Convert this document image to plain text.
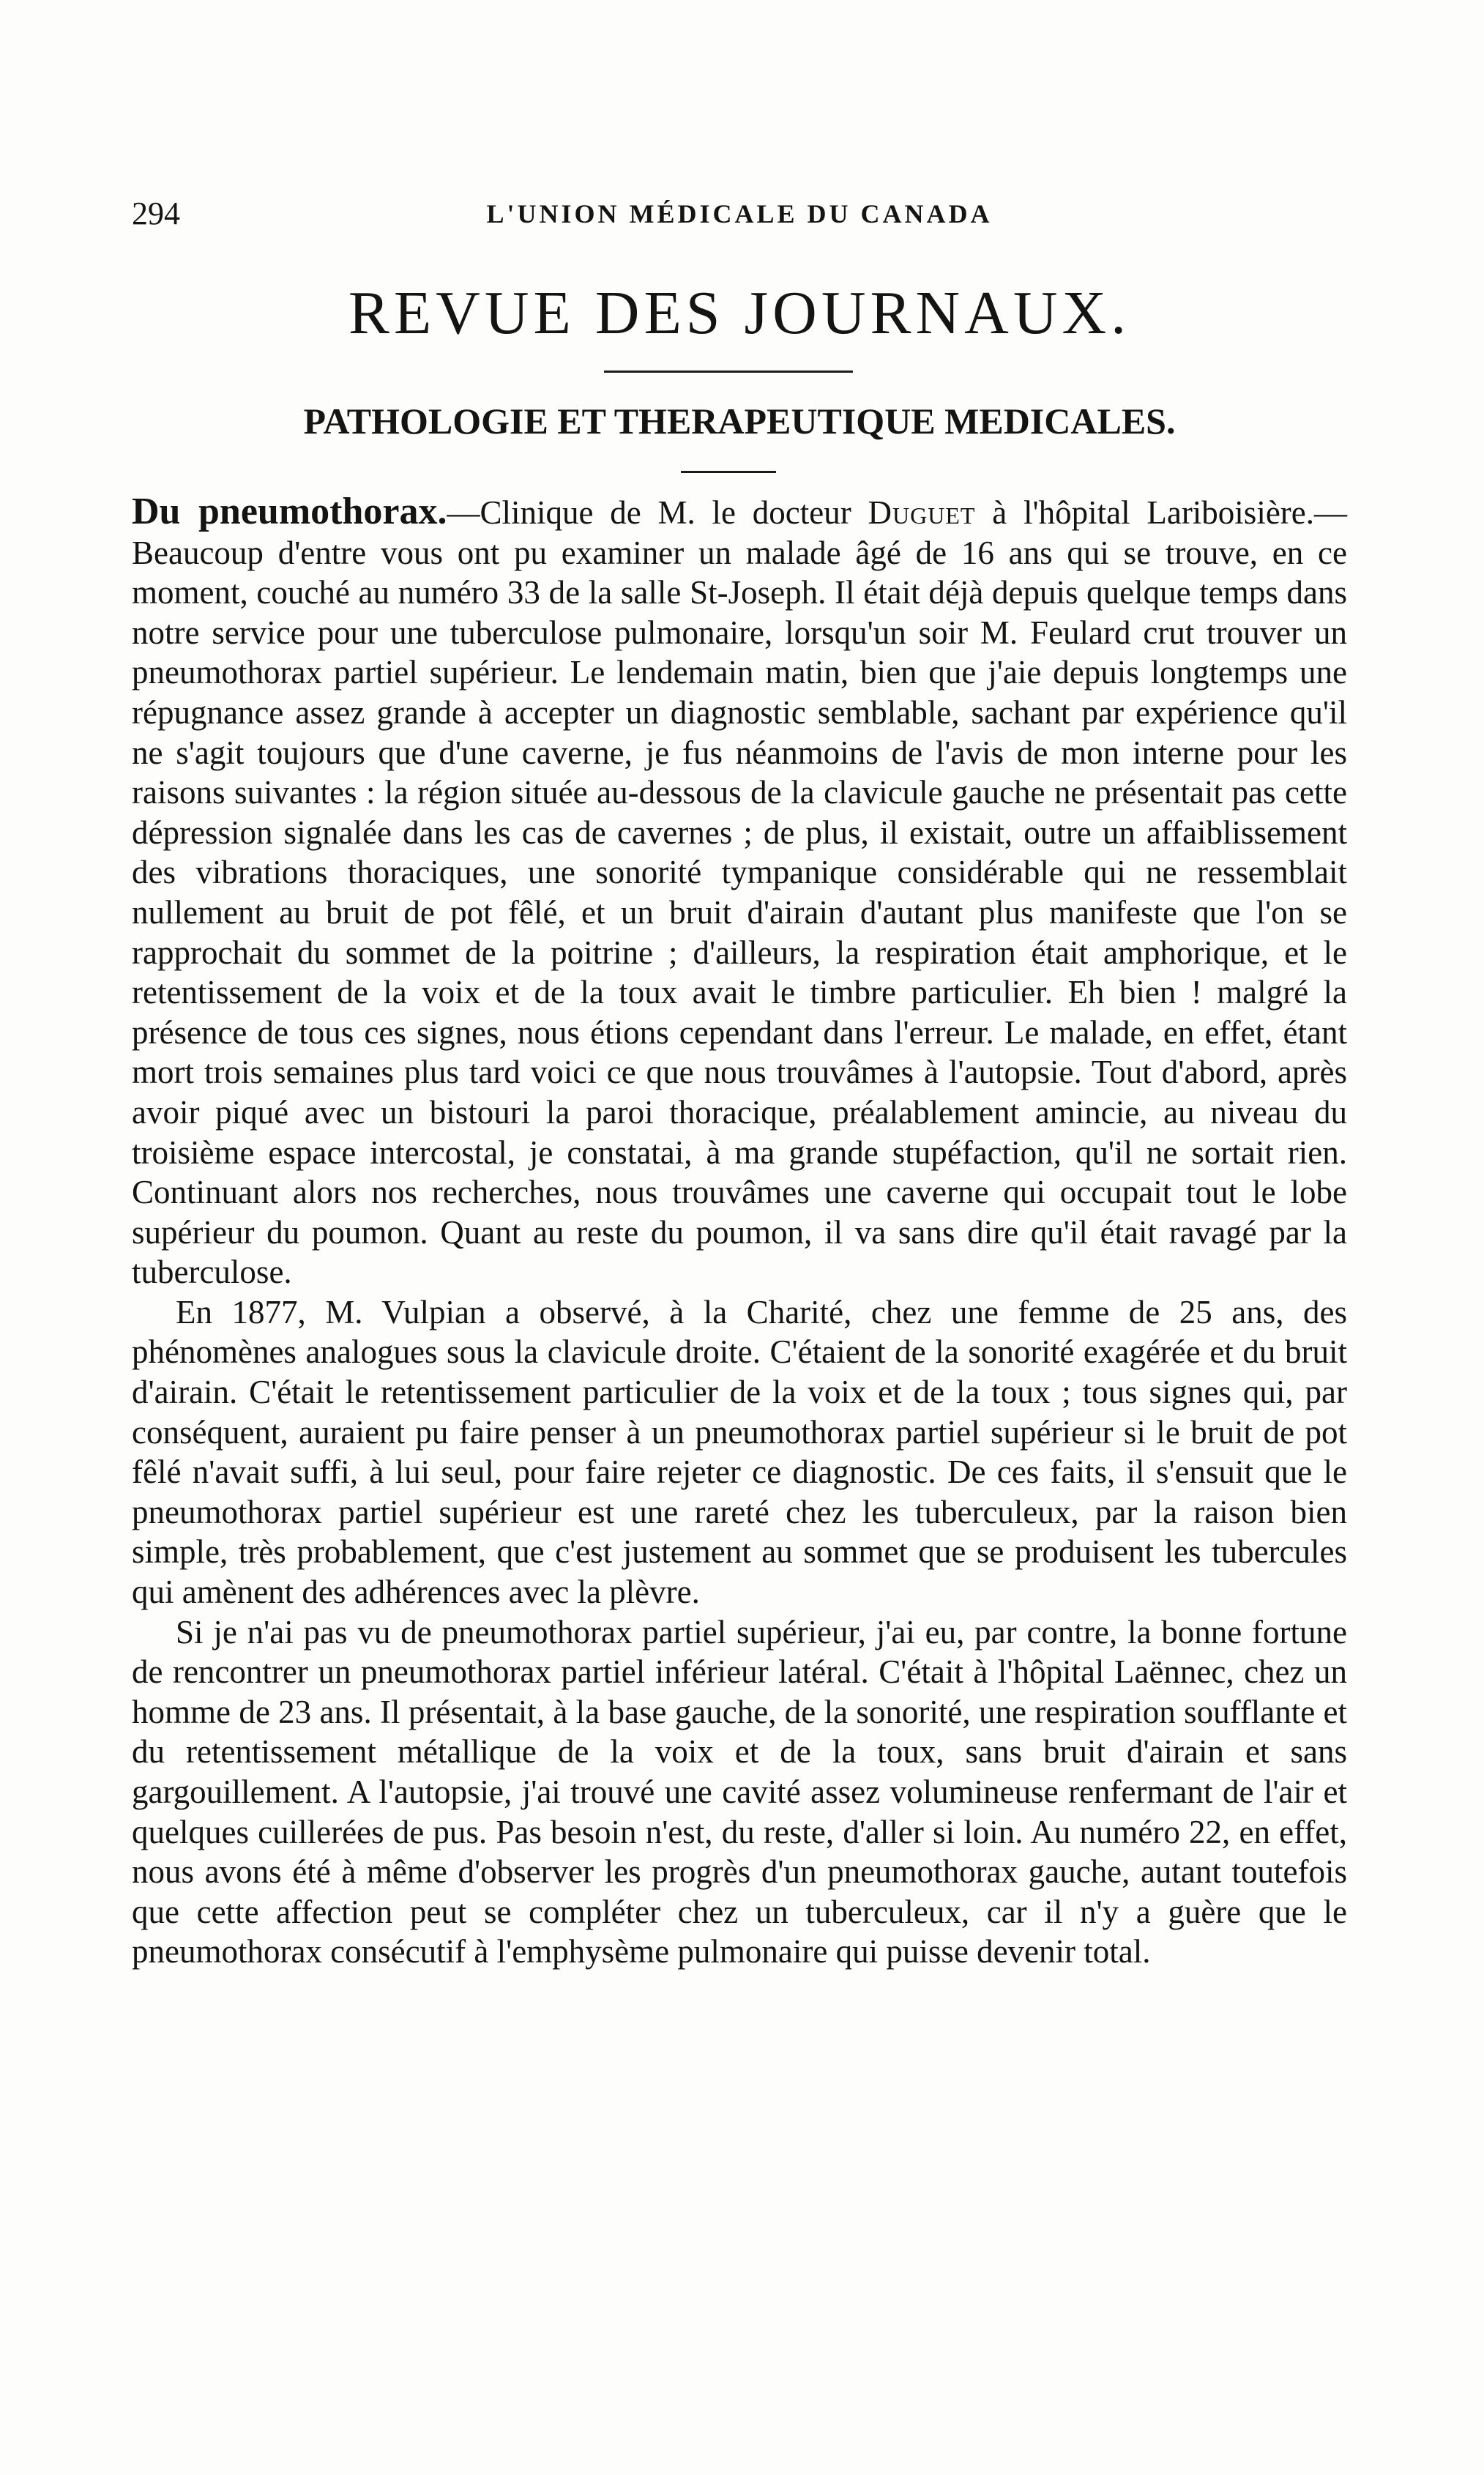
294	L'UNION MÉDICALE DU CANADA
REVUE DES JOURNAUX.
PATHOLOGIE ET THERAPEUTIQUE MEDICALES.

Du pneumothorax.—Clinique de M. le docteur Duguet à l'hôpital Lariboisière.—Beaucoup d'entre vous ont pu examiner un malade âgé de 16 ans qui se trouve, en ce moment, couché au numéro 33 de la salle St-Joseph. Il était déjà depuis quelque temps dans notre service pour une tuberculose pulmonaire, lorsqu'un soir M. Feulard crut trouver un pneumothorax partiel supérieur. Le lendemain matin, bien que j'aie depuis longtemps une répugnance assez grande à accepter un diagnostic semblable, sachant par expérience qu'il ne s'agit toujours que d'une caverne, je fus néanmoins de l'avis de mon interne pour les raisons suivantes : la région située au-dessous de la clavicule gauche ne présentait pas cette dépression signalée dans les cas de cavernes ; de plus, il existait, outre un affaiblissement des vibrations thoraciques, une sonorité tympanique considérable qui ne ressemblait nullement au bruit de pot fêlé, et un bruit d'airain d'autant plus manifeste que l'on se rapprochait du sommet de la poitrine ; d'ailleurs, la respiration était amphorique, et le retentissement de la voix et de la toux avait le timbre particulier. Eh bien ! malgré la présence de tous ces signes, nous étions cependant dans l'erreur. Le malade, en effet, étant mort trois semaines plus tard voici ce que nous trouvâmes à l'autopsie. Tout d'abord, après avoir piqué avec un bistouri la paroi thoracique, préalablement amincie, au niveau du troisième espace intercostal, je constatai, à ma grande stupéfaction, qu'il ne sortait rien. Continuant alors nos recherches, nous trouvâmes une caverne qui occupait tout le lobe supérieur du poumon. Quant au reste du poumon, il va sans dire qu'il était ravagé par la tuberculose.

En 1877, M. Vulpian a observé, à la Charité, chez une femme de 25 ans, des phénomènes analogues sous la clavicule droite. C'étaient de la sonorité exagérée et du bruit d'airain. C'était le retentissement particulier de la voix et de la toux ; tous signes qui, par conséquent, auraient pu faire penser à un pneumothorax partiel supérieur si le bruit de pot fêlé n'avait suffi, à lui seul, pour faire rejeter ce diagnostic. De ces faits, il s'ensuit que le pneumothorax partiel supérieur est une rareté chez les tuberculeux, par la raison bien simple, très probablement, que c'est justement au sommet que se produisent les tubercules qui amènent des adhérences avec la plèvre.

Si je n'ai pas vu de pneumothorax partiel supérieur, j'ai eu, par contre, la bonne fortune de rencontrer un pneumothorax partiel inférieur latéral. C'était à l'hôpital Laënnec, chez un homme de 23 ans. Il présentait, à la base gauche, de la sonorité, une respiration soufflante et du retentissement métallique de la voix et de la toux, sans bruit d'airain et sans gargouillement. A l'autopsie, j'ai trouvé une cavité assez volumineuse renfermant de l'air et quelques cuillerées de pus. Pas besoin n'est, du reste, d'aller si loin. Au numéro 22, en effet, nous avons été à même d'observer les progrès d'un pneumothorax gauche, autant toutefois que cette affection peut se compléter chez un tuberculeux, car il n'y a guère que le pneumothorax consécutif à l'emphysème pulmonaire qui puisse devenir total.
